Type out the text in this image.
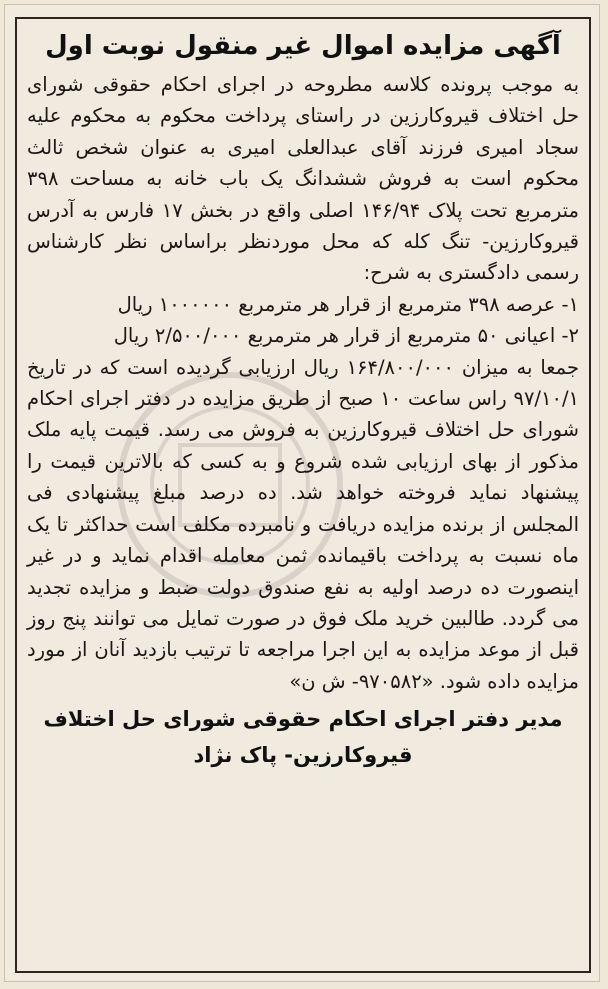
آگهی مزایده اموال غیر منقول نوبت اول

به موجب پرونده کلاسه مطروحه در اجرای احکام حقوقی شورای حل اختلاف قیروکارزین در راستای پرداخت محکوم به محکوم علیه سجاد امیری فرزند آقای عبدالعلی امیری به عنوان شخص ثالث محکوم است به فروش ششدانگ یک باب خانه به مساحت ۳۹۸ مترمربع تحت پلاک ۱۴۶/۹۴ اصلی واقع در بخش ۱۷ فارس به آدرس قیروکارزین- تنگ کله که محل موردنظر براساس نظر کارشناس رسمی دادگستری به شرح:

۱- عرصه ۳۹۸ مترمربع از قرار هر مترمربع ۱۰۰۰۰۰۰ ریال

۲- اعیانی ۵۰ مترمربع از قرار هر مترمربع ۲/۵۰۰/۰۰۰ ریال

جمعا به میزان ۱۶۴/۸۰۰/۰۰۰ ریال ارزیابی گردیده است که در تاریخ ۹۷/۱۰/۱ راس ساعت ۱۰ صبح از طریق مزایده در دفتر اجرای احکام شورای حل اختلاف قیروکارزین به فروش می رسد. قیمت پایه ملک مذکور از بهای ارزیابی شده شروع و به کسی که بالاترین قیمت را پیشنهاد نماید فروخته خواهد شد. ده درصد مبلغ پیشنهادی فی المجلس از برنده مزایده دریافت و نامبرده مکلف است حداکثر تا یک ماه نسبت به پرداخت باقیمانده ثمن معامله اقدام نماید و در غیر اینصورت ده درصد اولیه به نفع صندوق دولت ضبط و مزایده تجدید می گردد. طالبین خرید ملک فوق در صورت تمایل می توانند پنج روز قبل از موعد مزایده به این اجرا مراجعه تا ترتیب بازدید آنان از مورد مزایده داده شود. «۹۷۰۵۸۲- ش ن»

مدیر دفتر اجرای احکام حقوقی شورای حل اختلاف
قیروکارزین- پاک نژاد
